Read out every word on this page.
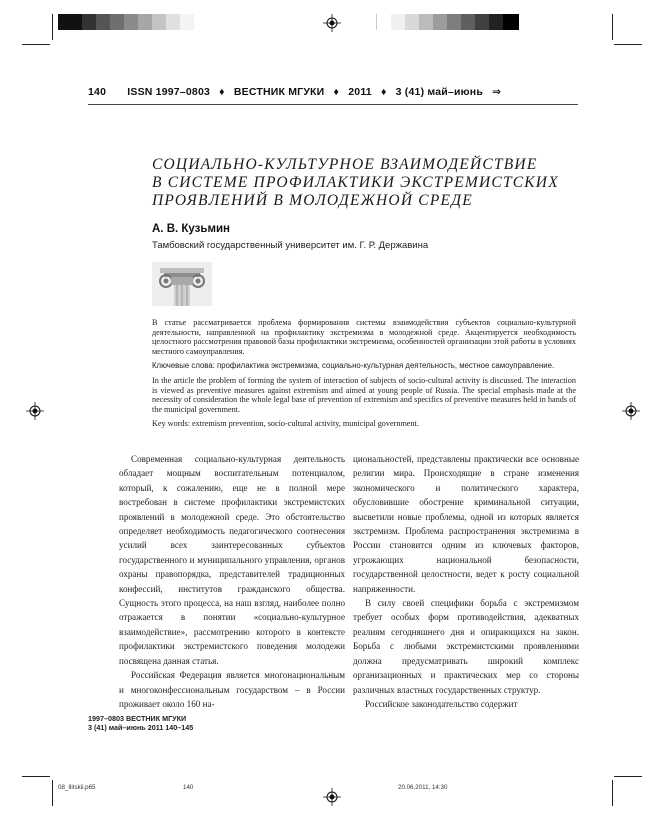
140 ISSN 1997–0803 ♦ ВЕСТНИК МГУКИ ♦ 2011 ♦ 3 (41) май–июнь ⇒
СОЦИАЛЬНО-КУЛЬТУРНОЕ ВЗАИМОДЕЙСТВИЕ
В СИСТЕМЕ ПРОФИЛАКТИКИ ЭКСТРЕМИСТСКИХ
ПРОЯВЛЕНИЙ В МОЛОДЕЖНОЙ СРЕДЕ
А. В. Кузьмин
Тамбовский государственный университет им. Г. Р. Державина

В статье рассматривается проблема формирования системы взаимодействия субъектов социально-культурной деятельности, направленной на профилактику экстремизма в молодежной среде. Акцентируется необходимость целостного рассмотрения правовой базы профилактики экстремизма, особенностей организации этой работы в условиях местного самоуправления.

Ключевые слова: профилактика экстремизма, социально-культурная деятельность, местное самоуправление.

In the article the problem of forming the system of interaction of subjects of socio-cultural activity is discussed. The interaction is viewed as preventive measures against extremism and aimed at young people of Russia. The special emphasis made at the necessity of consideration the whole legal base of prevention of extremism and specifics of preventive measures held in hands of the municipal government.

Key words: extremism prevention, socio-cultural activity, municipal government.

Современная социально-культурная деятельность обладает мощным воспитательным потенциалом, который, к сожалению, еще не в полной мере востребован в системе профилактики экстремистских проявлений в молодежной среде. Это обстоятельство определяет необходимость педагогического соотнесения усилий всех заинтересованных субъектов государственного и муниципального управления, органов охраны правопорядка, представителей традиционных конфессий, институтов гражданского общества. Сущность этого процесса, на наш взгляд, наиболее полно отражается в понятии «социально-культурное взаимодействие», рассмотрению которого в контексте профилактики экстремистского поведения молодежи посвящена данная статья.

Российская Федерация является многонациональным и многоконфессиональным государством – в России проживает около 160 на-

циональностей, представлены практически все основные религии мира. Происходящие в стране изменения экономического и политического характера, обусловившие обострение криминальной ситуации, высветили новые проблемы, одной из которых является экстремизм. Проблема распространения экстремизма в России становится одним из ключевых факторов, угрожающих национальной безопасности, государственной целостности, ведет к росту социальной напряженности.

В силу своей специфики борьба с экстремизмом требует особых форм противодействия, адекватных реалиям сегодняшнего дня и опирающихся на закон. Борьба с любыми экстремистскими проявлениями должна предусматривать широкий комплекс организационных и практических мер со стороны различных властных государственных структур.

Российское законодательство содержит

1997–0803 ВЕСТНИК МГУКИ
3 (41) май–июнь 2011 140–145
08_Ilitskii.p65	140	20.06.2011, 14:30
